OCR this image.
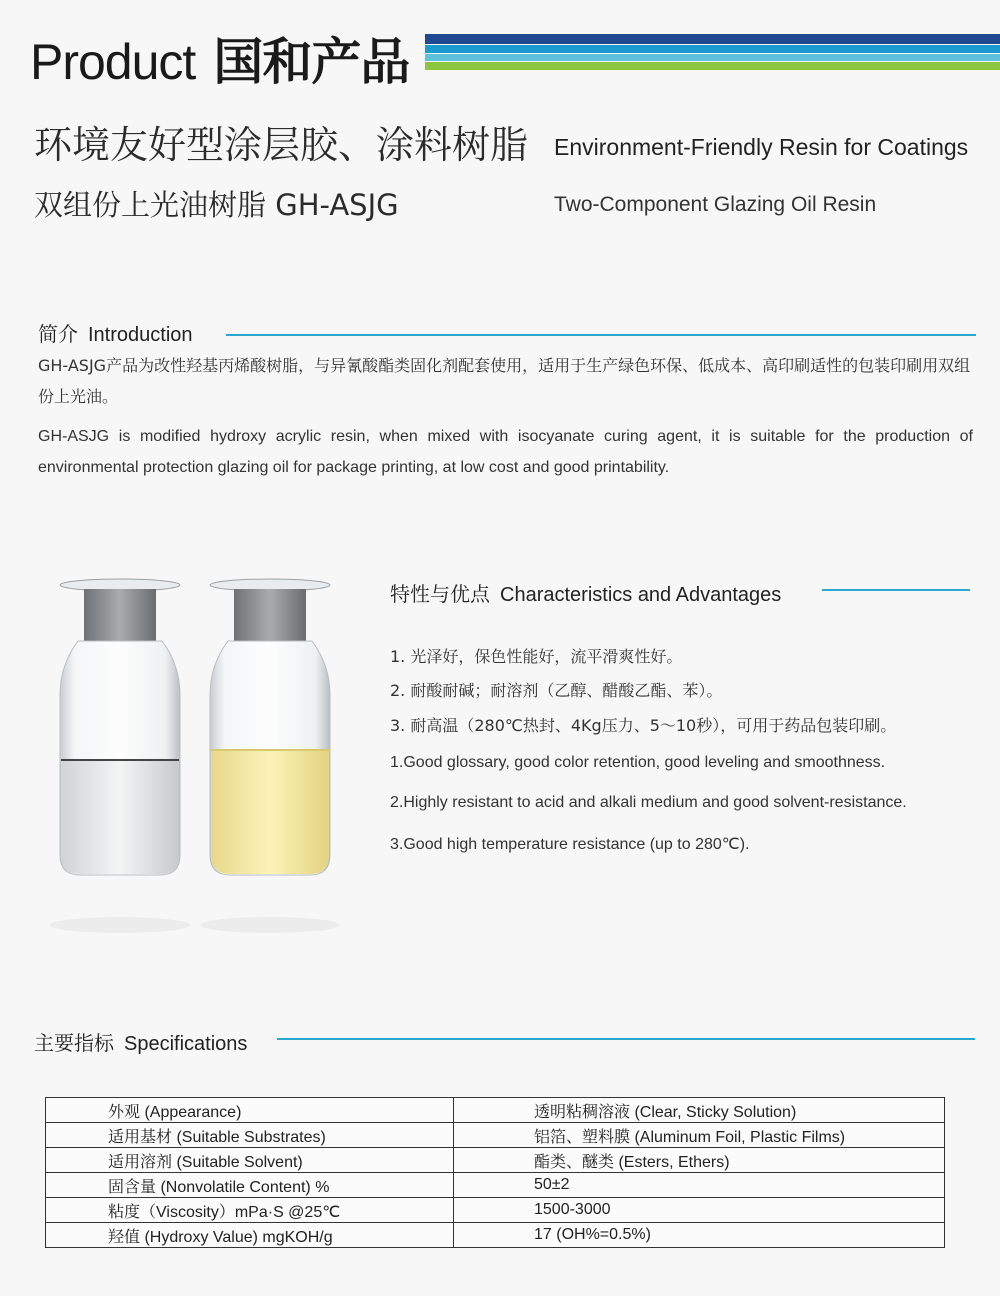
Product 国和产品
环境友好型涂层胶、涂料树脂 Environment-Friendly Resin for Coatings
双组份上光油树脂 GH-ASJG	Two-Component Glazing Oil Resin
简介 Introduction
GH-ASJG产品为改性羟基丙烯酸树脂，与异氰酸酯类固化剂配套使用，适用于生产绿色环保、低成本、高印刷适性的包装印刷用双组份上光油。
GH-ASJG is modified hydroxy acrylic resin, when mixed with isocyanate curing agent, it is suitable for the production of environmental protection glazing oil for package printing, at low cost and good printability.
特性与优点 Characteristics and Advantages
1. 光泽好，保色性能好，流平滑爽性好。
2. 耐酸耐碱；耐溶剂（乙醇、醋酸乙酯、苯）。
3. 耐高温（280℃热封、4Kg压力、5～10秒），可用于药品包装印刷。
1.Good glossary, good color retention, good leveling and smoothness.
2.Highly resistant to acid and alkali medium and good solvent-resistance.
3.Good high temperature resistance (up to 280℃).
主要指标 Specifications
外观 (Appearance)	透明粘稠溶液 (Clear, Sticky Solution)
适用基材 (Suitable Substrates)	铝箔、塑料膜 (Aluminum Foil, Plastic Films)
适用溶剂 (Suitable Solvent)	酯类、醚类 (Esters, Ethers)
固含量 (Nonvolatile Content) %	50±2
粘度（Viscosity）mPa·S @25℃	1500-3000
羟值 (Hydroxy Value) mgKOH/g	17 (OH%=0.5%)
